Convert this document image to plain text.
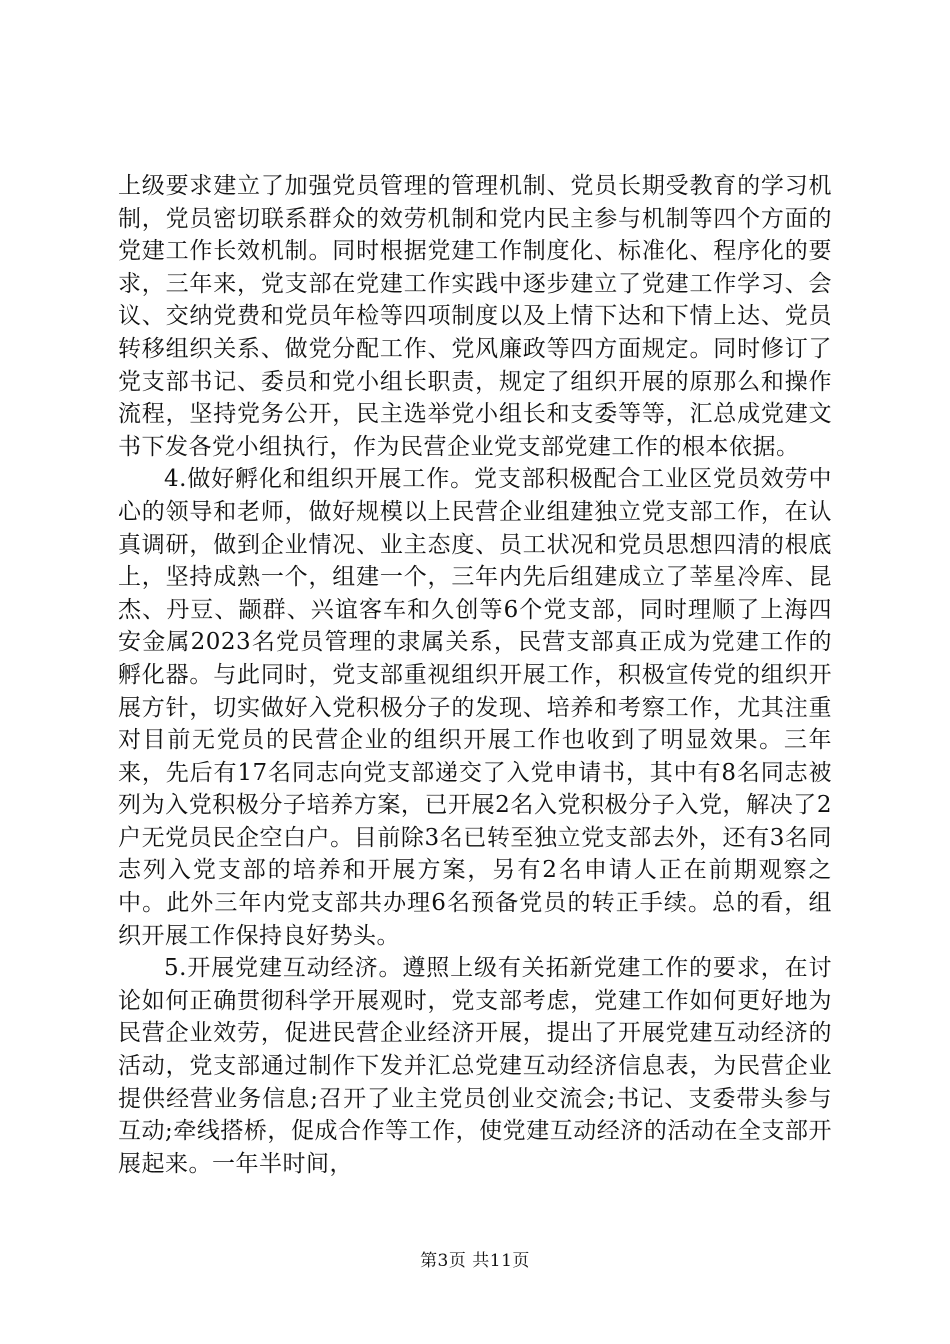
上级要求建立了加强党员管理的管理机制、党员长期受教育的学习机制，党员密切联系群众的效劳机制和党内民主参与机制等四个方面的党建工作长效机制。同时根据党建工作制度化、标准化、程序化的要求，三年来，党支部在党建工作实践中逐步建立了党建工作学习、会议、交纳党费和党员年检等四项制度以及上情下达和下情上达、党员转移组织关系、做党分配工作、党风廉政等四方面规定。同时修订了党支部书记、委员和党小组长职责，规定了组织开展的原那么和操作流程，坚持党务公开，民主选举党小组长和支委等等，汇总成党建文书下发各党小组执行，作为民营企业党支部党建工作的根本依据。

4.做好孵化和组织开展工作。党支部积极配合工业区党员效劳中心的领导和老师，做好规模以上民营企业组建独立党支部工作，在认真调研，做到企业情况、业主态度、员工状况和党员思想四清的根底上，坚持成熟一个，组建一个，三年内先后组建成立了莘星冷库、昆杰、丹豆、颛群、兴谊客车和久创等6个党支部，同时理顺了上海四安金属2023名党员管理的隶属关系，民营支部真正成为党建工作的孵化器。与此同时，党支部重视组织开展工作，积极宣传党的组织开展方针，切实做好入党积极分子的发现、培养和考察工作，尤其注重对目前无党员的民营企业的组织开展工作也收到了明显效果。三年来，先后有17名同志向党支部递交了入党申请书，其中有8名同志被列为入党积极分子培养方案，已开展2名入党积极分子入党，解决了2户无党员民企空白户。目前除3名已转至独立党支部去外，还有3名同志列入党支部的培养和开展方案，另有2名申请人正在前期观察之中。此外三年内党支部共办理6名预备党员的转正手续。总的看，组织开展工作保持良好势头。

5.开展党建互动经济。遵照上级有关拓新党建工作的要求，在讨论如何正确贯彻科学开展观时，党支部考虑，党建工作如何更好地为民营企业效劳，促进民营企业经济开展，提出了开展党建互动经济的活动，党支部通过制作下发并汇总党建互动经济信息表，为民营企业提供经营业务信息;召开了业主党员创业交流会;书记、支委带头参与互动;牵线搭桥，促成合作等工作，使党建互动经济的活动在全支部开展起来。一年半时间，

第3页 共11页
